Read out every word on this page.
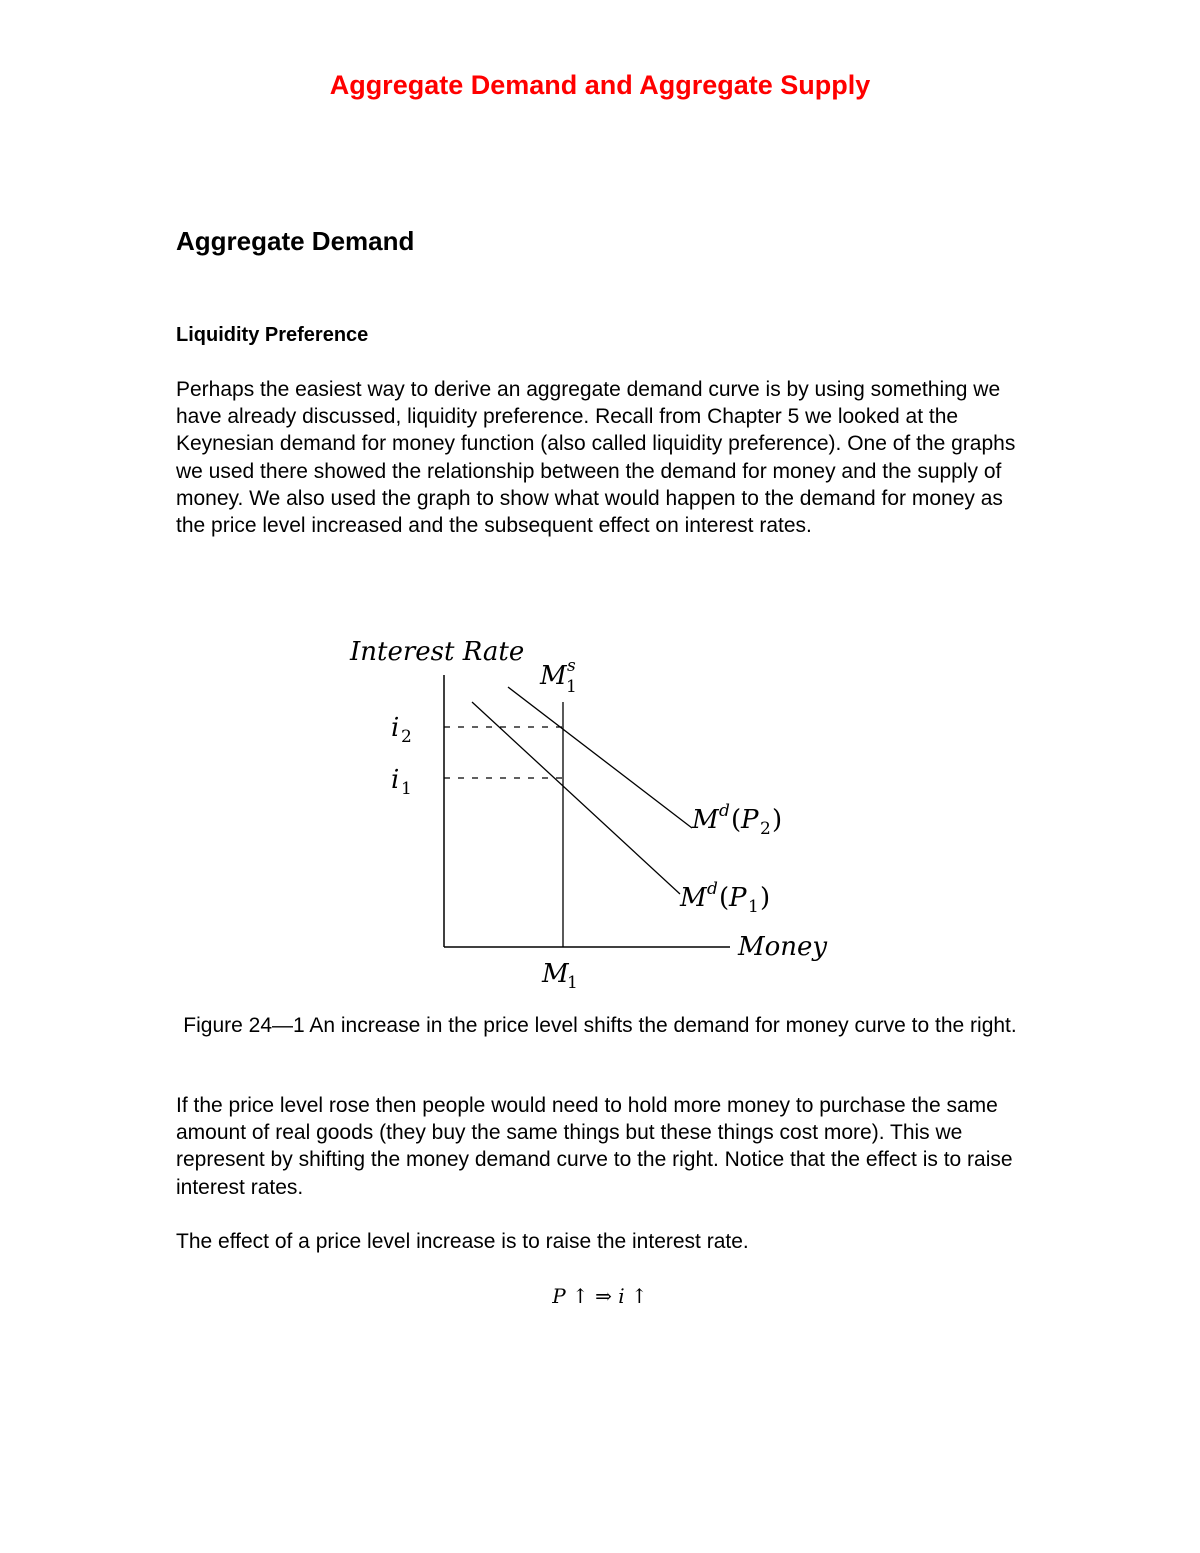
Aggregate Demand and Aggregate Supply
Aggregate Demand
Liquidity Preference

Perhaps the easiest way to derive an aggregate demand curve is by using something we have already discussed, liquidity preference. Recall from Chapter 5 we looked at the Keynesian demand for money function (also called liquidity preference). One of the graphs we used there showed the relationship between the demand for money and the supply of money. We also used the graph to show what would happen to the demand for money as the price level increased and the subsequent effect on interest rates.

Interest Rate
M 1
s
i 2
i 1
M d ( P 2 )
M d ( P 1 )
Money
M
1

Figure 24—1 An increase in the price level shifts the demand for money curve to the right.

If the price level rose then people would need to hold more money to purchase the same amount of real goods (they buy the same things but these things cost more). This we represent by shifting the money demand curve to the right. Notice that the effect is to raise interest rates.

The effect of a price level increase is to raise the interest rate.

P ↑ ⇒ i ↑
